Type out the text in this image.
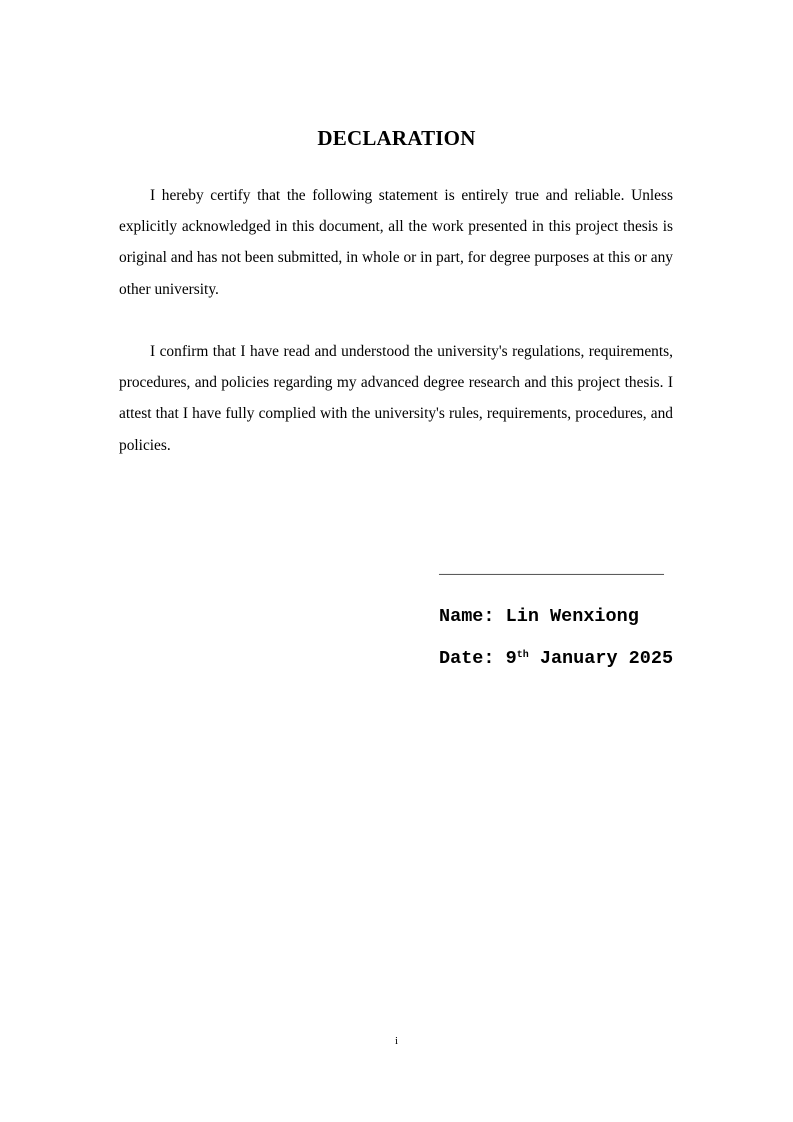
DECLARATION

I hereby certify that the following statement is entirely true and reliable. Unless explicitly acknowledged in this document, all the work presented in this project thesis is original and has not been submitted, in whole or in part, for degree purposes at this or any other university.

I confirm that I have read and understood the university's regulations, requirements, procedures, and policies regarding my advanced degree research and this project thesis. I attest that I have fully complied with the university's rules, requirements, procedures, and policies.

_________________________
Name: Lin Wenxiong
Date: 9th January 2025
i
